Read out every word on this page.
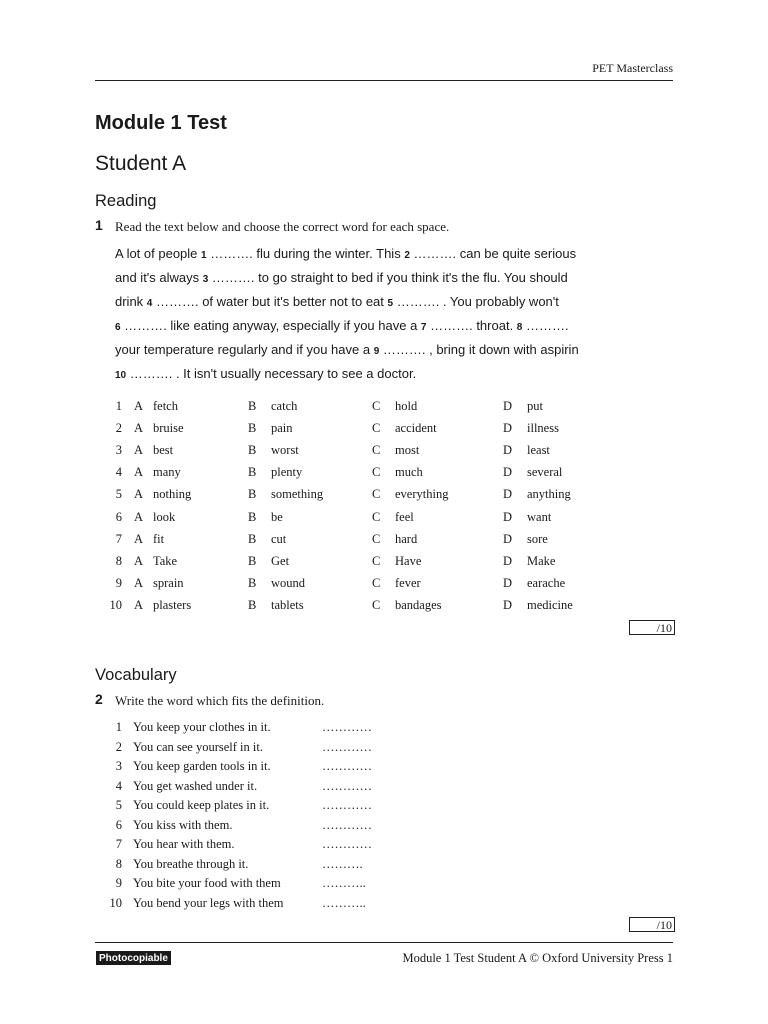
PET Masterclass
Module 1 Test
Student A
Reading
1 Read the text below and choose the correct word for each space.
A lot of people 1 ………. flu during the winter. This 2 ………. can be quite serious
and it's always 3 ………. to go straight to bed if you think it's the flu. You should
drink 4 ………. of water but it's better not to eat 5 ………. . You probably won't
6 ………. like eating anyway, especially if you have a 7 ………. throat. 8 ……….
your temperature regularly and if you have a 9 ………. , bring it down with aspirin
10 ………. . It isn't usually necessary to see a doctor.
1 A fetch	B catch	C hold	D put
2 A bruise	B pain	C accident	D illness
3 A best	B worst	C most	D least
4 A many	B plenty	C much	D several
5 A nothing	B something	C everything	D anything
6 A look	B be	C feel	D want
7 A fit	B cut	C hard	D sore
8 A Take	B Get	C Have	D Make
9 A sprain	B wound	C fever	D earache
10 A plasters	B tablets	C bandages	D medicine
/10
Vocabulary
2 Write the word which fits the definition.
1 You keep your clothes in it.	…………
2 You can see yourself in it.	…………
3 You keep garden tools in it.	…………
4 You get washed under it.	…………
5 You could keep plates in it.	…………
6 You kiss with them.	…………
7 You hear with them.	…………
8 You breathe through it.	……….
9 You bite your food with them	………..
10 You bend your legs with them	………..
/10
Photocopiable	Module 1 Test Student A © Oxford University Press 1
